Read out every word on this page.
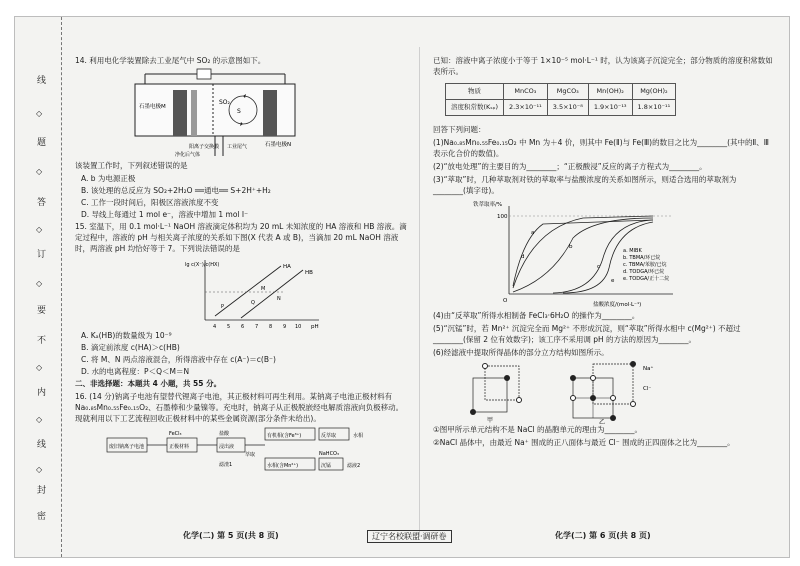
线
◇
题
◇
答
◇
订
◇
要
不
◇
内
◇
线
◇
封
密
14. 利用电化学装置除去工业尾气中 SO₂ 的示意图如下。
石墨电极M
SO₂
S
石墨电极N
阳离子交换膜 工业尾气
净化后气体
该装置工作时，下列叙述错误的是
A. b 为电源正极
B. 该处理的总反应为 SO₂+2H₂O ══通电══ S+2H⁺+H₂
C. 工作一段时间后，阳极区溶液浓度不变
D. 导线上每通过 1 mol e⁻，溶液中增加 1 mol I⁻
15. 室温下，用 0.1 mol·L⁻¹ NaOH 溶液滴定体积均为 20 mL 未知浓度的 HA 溶液和 HB 溶液。滴定过程中，溶液的 pH 与相关离子浓度的关系如下图(X 代表 A 或 B)，当滴加 20 mL NaOH 溶液时，两溶液 pH 均恰好等于 7。下列说法错误的是
lg c(X⁻)/c(HX)	HA
HB
pH
4 5 6 7 8 9 10
P
Q
M
N
A. Kₐ(HB)的数量级为 10⁻⁹
B. 滴定前浓度 c(HA)＞c(HB)
C. 将 M、N 两点溶液混合，所得溶液中存在 c(A⁻)＝c(B⁻)
D. 水的电离程度：P＜Q＜M＝N
二、非选择题：本题共 4 小题，共 55 分。
16. (14 分)钠离子电池有望替代锂离子电池，其正极材料可再生利用。某钠离子电池正极材料有 Na₀.₈₅Mn₀.₅₅Fe₀.₁₅O₂、石墨棒和少量镍等。充电时，钠离子从正极脱嵌经电解质溶液向负极移动。现就利用以下工艺流程回收正极材料中的某些金属资源(部分条件未给出)。
废旧钠离子电池	正极材料
FeCl₃	盐酸
浸出液
有机相(含Fe³⁺)	反萃取	水相
水相(含Mn²⁺)	沉锰	滤液2
NaHCO₃
萃取
滤渣1
已知：溶液中离子浓度小于等于 1×10⁻⁵ mol·L⁻¹ 时，认为该离子沉淀完全；部分物质的溶度积常数如表所示。
物质	MnCO₃	MgCO₃	Mn(OH)₂	Mg(OH)₂
溶度积常数(Kₛₚ)	2.3×10⁻¹¹	3.5×10⁻⁸	1.9×10⁻¹³	1.8×10⁻¹¹
回答下列问题：
(1)Na₀.₈₅Mn₀.₅₅Fe₀.₁₅O₂ 中 Mn 为＋4 价，则其中 Fe(Ⅱ)与 Fe(Ⅲ)的数目之比为________(其中的Ⅱ、Ⅲ表示化合价的数值)。
(2)“放电处理”的主要目的为________；“正极酸浸”反应的离子方程式为________。
(3)“萃取”时，几种萃取剂对铁的萃取率与盐酸浓度的关系如图所示，则适合选用的萃取剂为________(填字母)。
铁萃取率/%
100
O
盐酸浓度/(mol·L⁻¹)
a
b
c
d
e
a. MIBK
b. TBMA/环已烷
c. TBMA/苯胺/已烷
d. TODGA/环已烷
e. TODGA/正十二烷
(4)由“反萃取”所得水相制备 FeCl₃·6H₂O 的操作为________。
(5)“沉锰”时，若 Mn²⁺ 沉淀完全而 Mg²⁺ 不形成沉淀，则“萃取”所得水相中 c(Mg²⁺) 不超过________(保留 2 位有效数字)；该工序不采用调 pH 的方法的原因为________。
(6)经滤液中提取所得晶体的部分立方结构如图所示。
甲	乙
Na⁺
Cl⁻
①图甲所示单元结构不是 NaCl 的晶胞单元的理由为________。
②NaCl 晶体中，由最近 Na⁺ 围成的正八面体与最近 Cl⁻ 围成的正四面体之比为________。
化学(二) 第 5 页(共 8 页)	辽宁名校联盟·调研卷	化学(二) 第 6 页(共 8 页)
